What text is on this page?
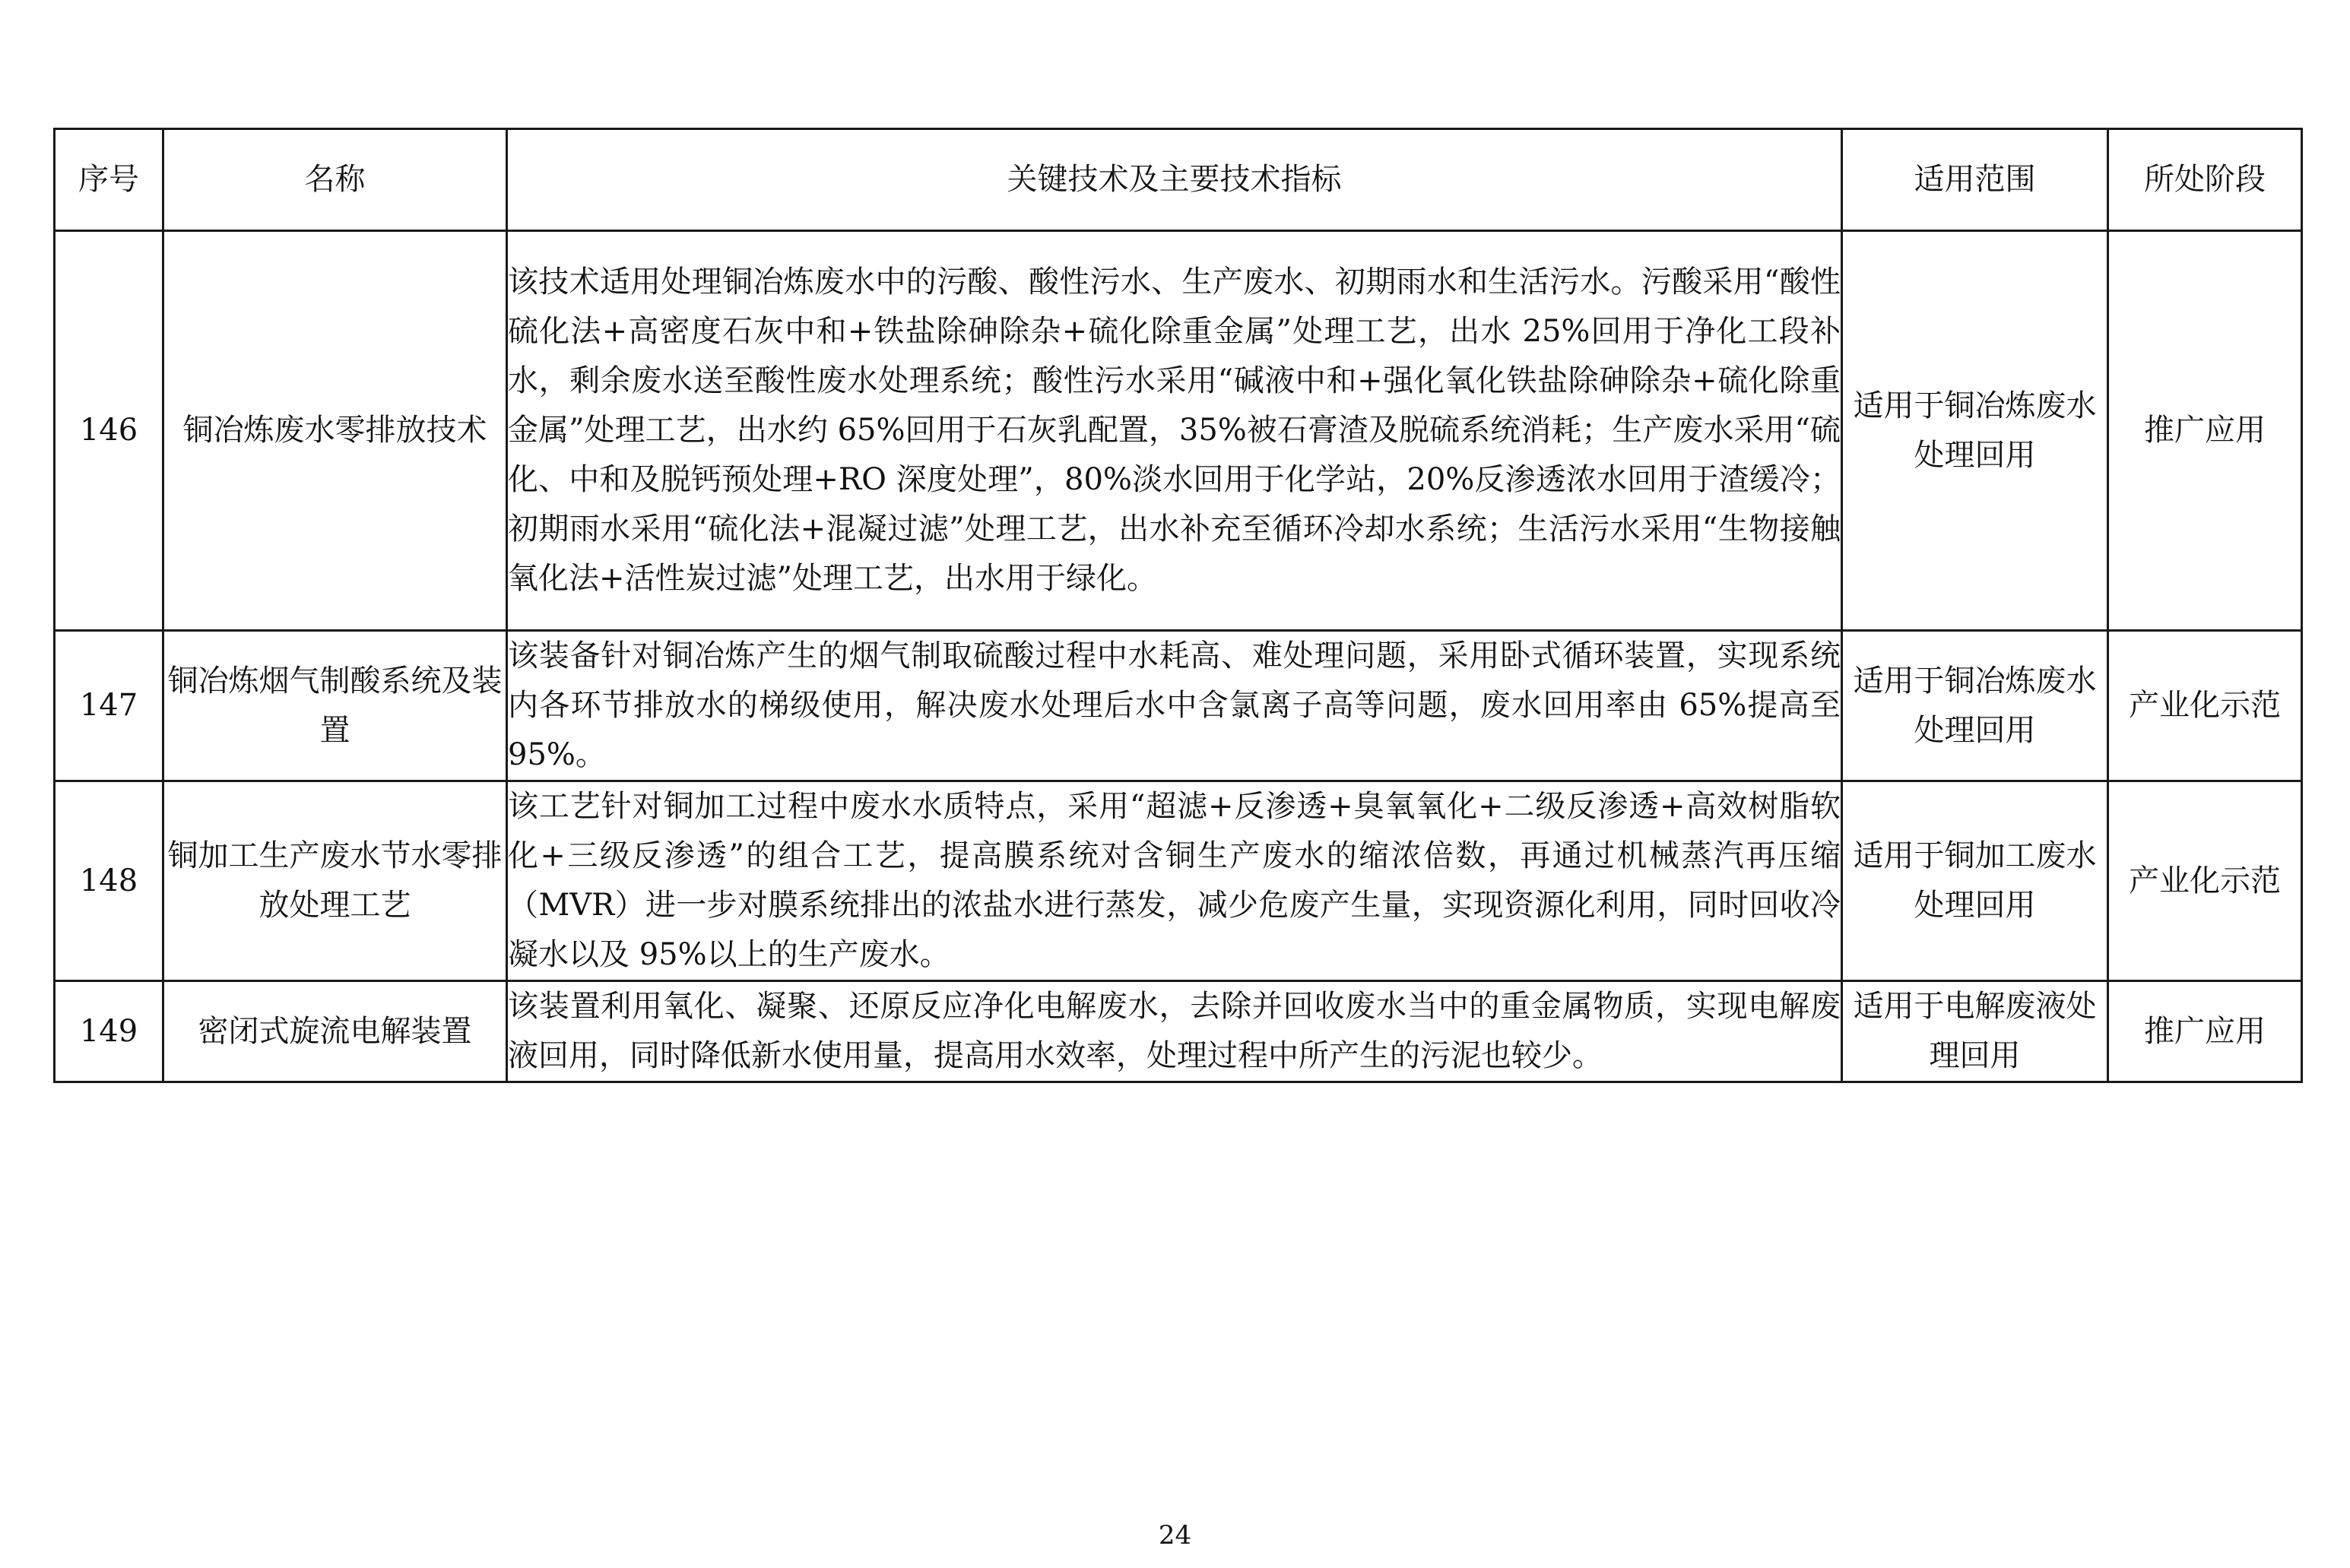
序号	名称	关键技术及主要技术指标	适用范围	所处阶段
146	铜冶炼废水零排放技术	该技术适用处理铜冶炼废水中的污酸、酸性污水、生产废水、初期雨水和生活污水。污酸采用“酸性硫化法+高密度石灰中和+铁盐除砷除杂+硫化除重金属”处理工艺，出水 25%回用于净化工段补水，剩余废水送至酸性废水处理系统；酸性污水采用“碱液中和+强化氧化铁盐除砷除杂+硫化除重金属”处理工艺，出水约 65%回用于石灰乳配置，35%被石膏渣及脱硫系统消耗；生产废水采用“硫化、中和及脱钙预处理+RO 深度处理”，80%淡水回用于化学站，20%反渗透浓水回用于渣缓冷；初期雨水采用“硫化法+混凝过滤”处理工艺，出水补充至循环冷却水系统；生活污水采用“生物接触氧化法+活性炭过滤”处理工艺，出水用于绿化。	适用于铜冶炼废水处理回用	推广应用
147	铜冶炼烟气制酸系统及装置	该装备针对铜冶炼产生的烟气制取硫酸过程中水耗高、难处理问题，采用卧式循环装置，实现系统内各环节排放水的梯级使用，解决废水处理后水中含氯离子高等问题，废水回用率由 65%提高至 95%。	适用于铜冶炼废水处理回用	产业化示范
148	铜加工生产废水节水零排放处理工艺	该工艺针对铜加工过程中废水水质特点，采用“超滤+反渗透+臭氧氧化+二级反渗透+高效树脂软化+三级反渗透”的组合工艺，提高膜系统对含铜生产废水的缩浓倍数，再通过机械蒸汽再压缩（MVR）进一步对膜系统排出的浓盐水进行蒸发，减少危废产生量，实现资源化利用，同时回收冷凝水以及 95%以上的生产废水。	适用于铜加工废水处理回用	产业化示范
149	密闭式旋流电解装置	该装置利用氧化、凝聚、还原反应净化电解废水，去除并回收废水当中的重金属物质，实现电解废液回用，同时降低新水使用量，提高用水效率，处理过程中所产生的污泥也较少。	适用于电解废液处理回用	推广应用
24
